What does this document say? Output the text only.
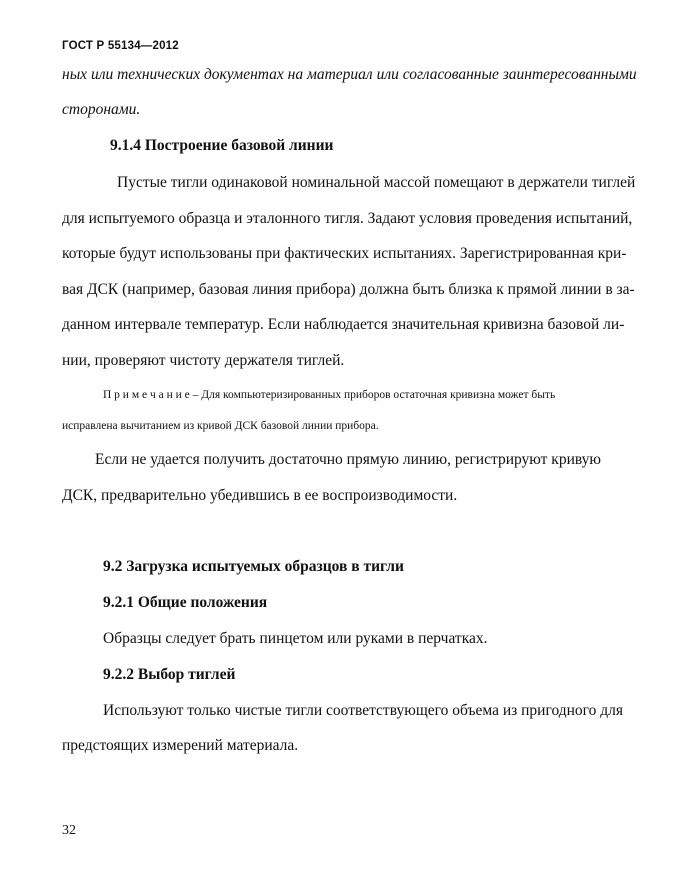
ГОСТ Р 55134—2012
ных или технических документах на материал или согласованные заинтересованными
сторонами.
9.1.4 Построение базовой линии
Пустые тигли одинаковой номинальной массой помещают в держатели тиглей
для испытуемого образца и эталонного тигля. Задают условия проведения испытаний,
которые будут использованы при фактических испытаниях. Зарегистрированная кри-
вая ДСК (например, базовая линия прибора) должна быть близка к прямой линии в за-
данном интервале температур. Если наблюдается значительная кривизна базовой ли-
нии, проверяют чистоту держателя тиглей.
П р и м е ч а н и е – Для компьютеризированных приборов остаточная кривизна может быть
исправлена вычитанием из кривой ДСК базовой линии прибора.
Если не удается получить достаточно прямую линию, регистрируют кривую
ДСК, предварительно убедившись в ее воспроизводимости.
9.2 Загрузка испытуемых образцов в тигли
9.2.1 Общие положения
Образцы следует брать пинцетом или руками в перчатках.
9.2.2 Выбор тиглей
Используют только чистые тигли соответствующего объема из пригодного для
предстоящих измерений материала.
32
